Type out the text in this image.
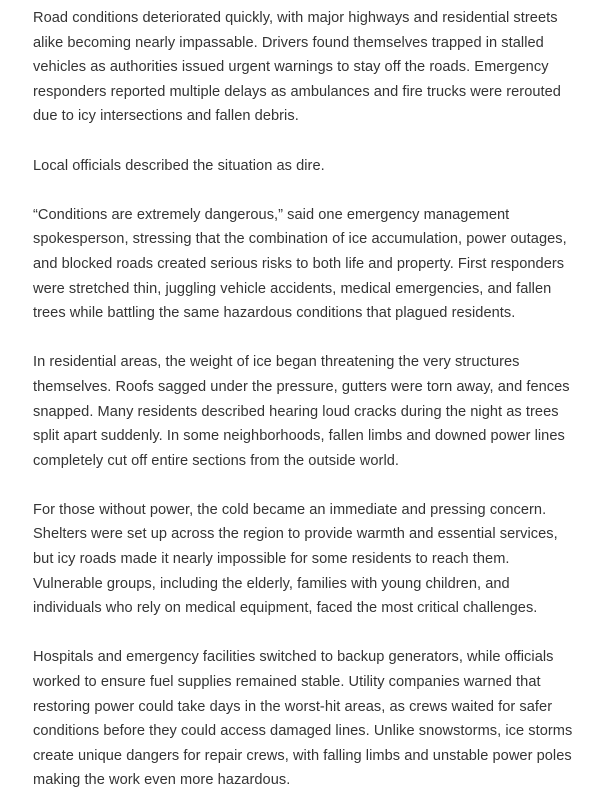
Road conditions deteriorated quickly, with major highways and residential streets alike becoming nearly impassable. Drivers found themselves trapped in stalled vehicles as authorities issued urgent warnings to stay off the roads. Emergency responders reported multiple delays as ambulances and fire trucks were rerouted due to icy intersections and fallen debris.

Local officials described the situation as dire.

“Conditions are extremely dangerous,” said one emergency management spokesperson, stressing that the combination of ice accumulation, power outages, and blocked roads created serious risks to both life and property. First responders were stretched thin, juggling vehicle accidents, medical emergencies, and fallen trees while battling the same hazardous conditions that plagued residents.

In residential areas, the weight of ice began threatening the very structures themselves. Roofs sagged under the pressure, gutters were torn away, and fences snapped. Many residents described hearing loud cracks during the night as trees split apart suddenly. In some neighborhoods, fallen limbs and downed power lines completely cut off entire sections from the outside world.

For those without power, the cold became an immediate and pressing concern. Shelters were set up across the region to provide warmth and essential services, but icy roads made it nearly impossible for some residents to reach them. Vulnerable groups, including the elderly, families with young children, and individuals who rely on medical equipment, faced the most critical challenges.

Hospitals and emergency facilities switched to backup generators, while officials worked to ensure fuel supplies remained stable. Utility companies warned that restoring power could take days in the worst-hit areas, as crews waited for safer conditions before they could access damaged lines. Unlike snowstorms, ice storms create unique dangers for repair crews, with falling limbs and unstable power poles making the work even more hazardous.
